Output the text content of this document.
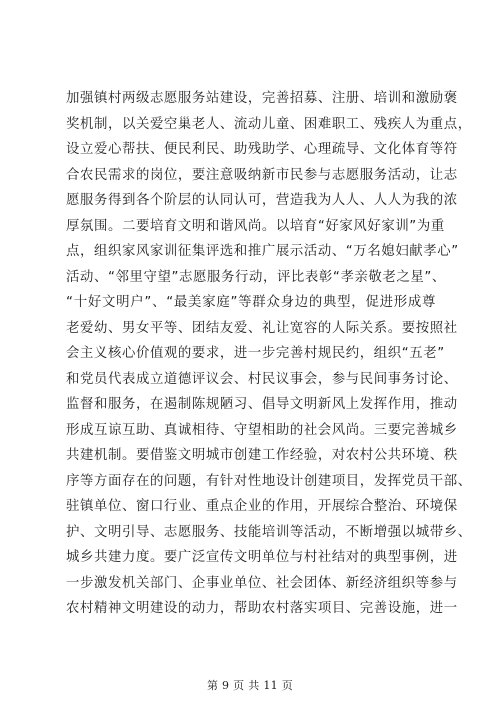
加强镇村两级志愿服务站建设，完善招募、注册、培训和激励褒
奖机制，以关爱空巢老人、流动儿童、困难职工、残疾人为重点，
设立爱心帮扶、便民利民、助残助学、心理疏导、文化体育等符
合农民需求的岗位，要注意吸纳新市民参与志愿服务活动，让志
愿服务得到各个阶层的认同认可，营造我为人人、人人为我的浓
厚氛围。二要培育文明和谐风尚。以培育“好家风好家训”为重
点，组织家风家训征集评选和推广展示活动、“万名媳妇献孝心”
活动、“邻里守望”志愿服务行动，评比表彰“孝亲敬老之星”、
“十好文明户”、“最美家庭”等群众身边的典型，促进形成尊
老爱幼、男女平等、团结友爱、礼让宽容的人际关系。要按照社
会主义核心价值观的要求，进一步完善村规民约，组织“五老”
和党员代表成立道德评议会、村民议事会，参与民间事务讨论、
监督和服务，在遏制陈规陋习、倡导文明新风上发挥作用，推动
形成互谅互助、真诚相待、守望相助的社会风尚。三要完善城乡
共建机制。要借鉴文明城市创建工作经验，对农村公共环境、秩
序等方面存在的问题，有针对性地设计创建项目，发挥党员干部、
驻镇单位、窗口行业、重点企业的作用，开展综合整治、环境保
护、文明引导、志愿服务、技能培训等活动，不断增强以城带乡、
城乡共建力度。要广泛宣传文明单位与村社结对的典型事例，进
一步激发机关部门、企事业单位、社会团体、新经济组织等参与
农村精神文明建设的动力，帮助农村落实项目、完善设施，进一
第 9 页 共 11 页
